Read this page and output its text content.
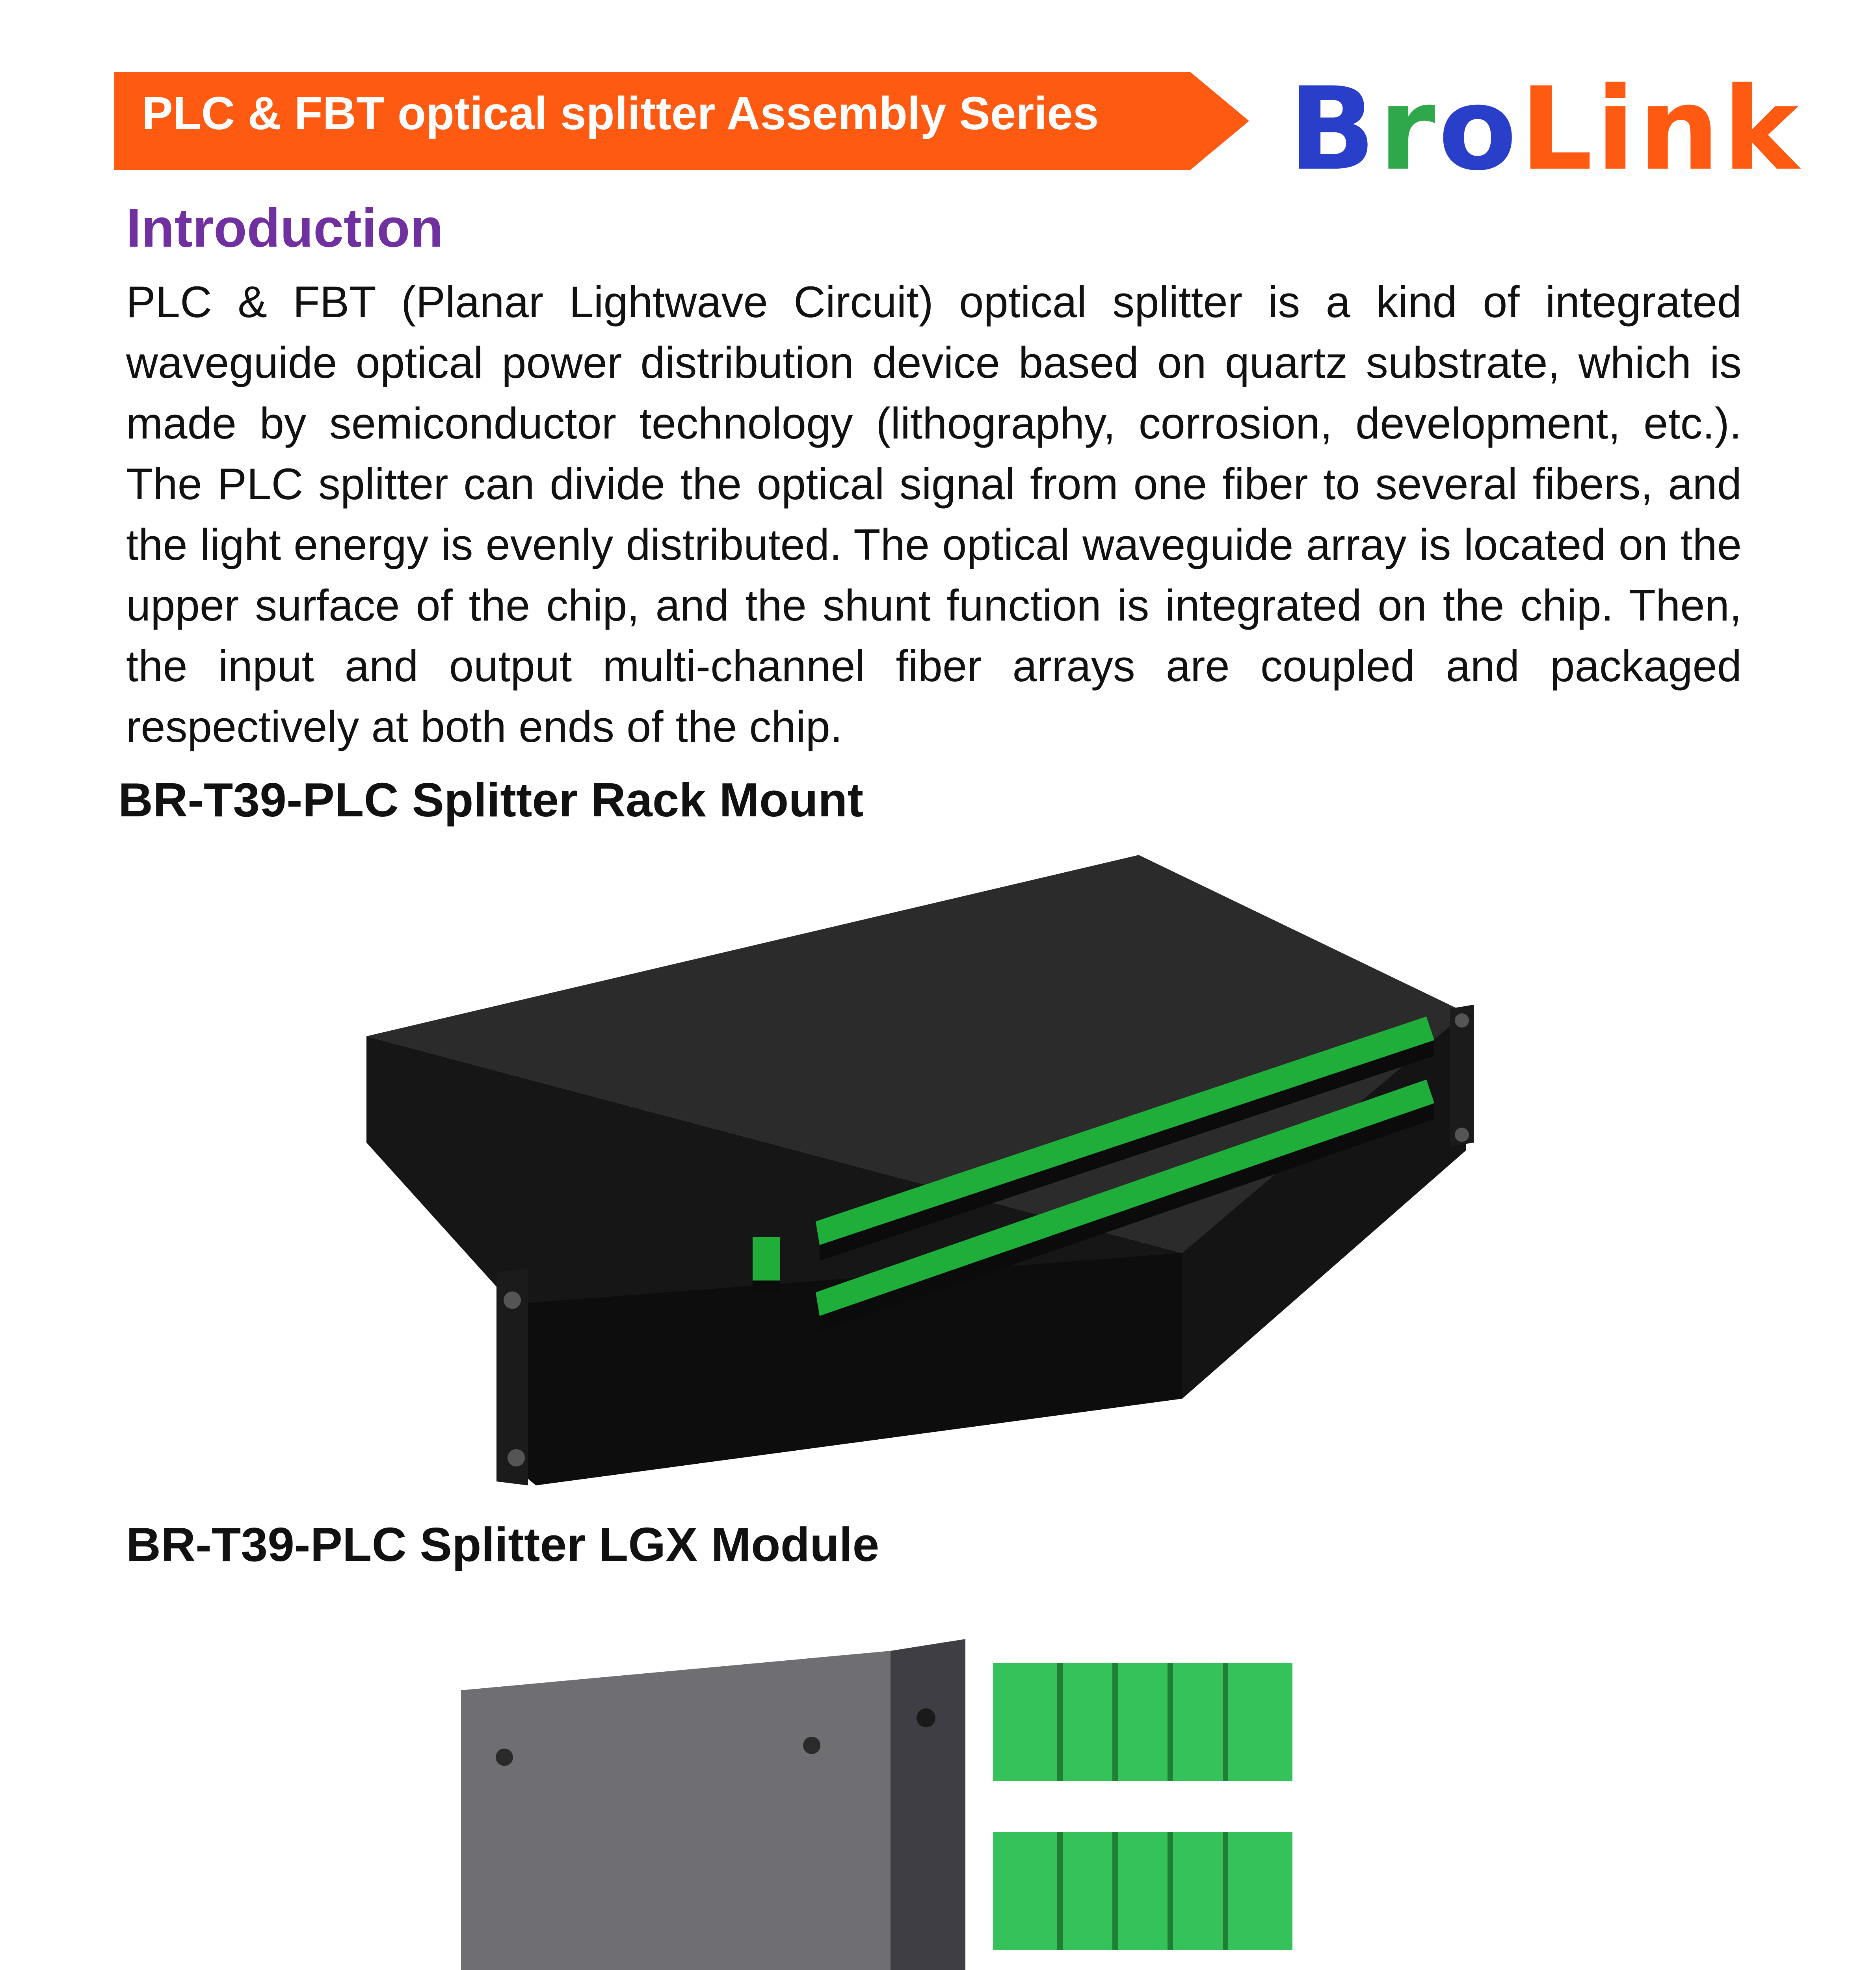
PLC & FBT optical splitter Assembly Series BroLink
Introduction
PLC & FBT (Planar Lightwave Circuit) optical splitter is a kind of integrated waveguide optical power distribution device based on quartz substrate, which is made by semiconductor technology (lithography, corrosion, development, etc.). The PLC splitter can divide the optical signal from one fiber to several fibers, and the light energy is evenly distributed. The optical waveguide array is located on the upper surface of the chip, and the shunt function is integrated on the chip. Then, the input and output multi-channel fiber arrays are coupled and packaged respectively at both ends of the chip.
BR-T39-PLC Splitter Rack Mount
BR-T39-PLC Splitter LGX Module
